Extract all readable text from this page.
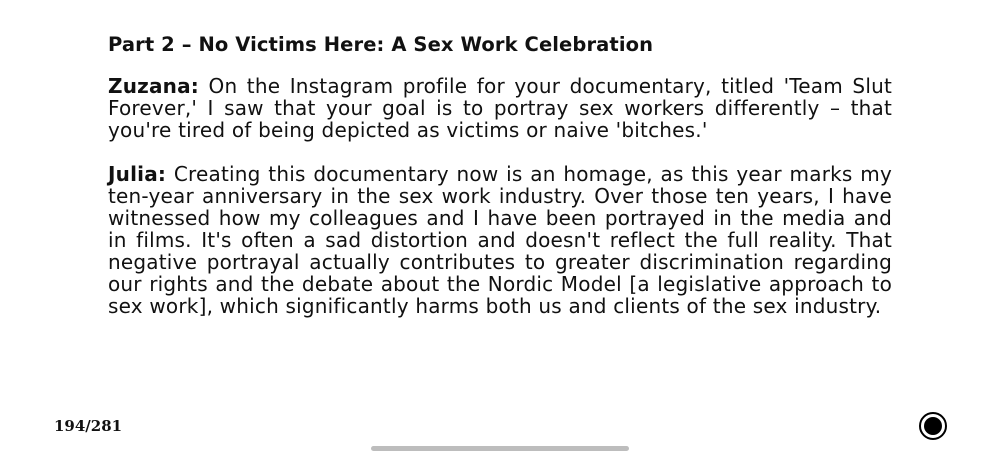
Part 2 – No Victims Here: A Sex Work Celebration

Zuzana: On the Instagram profile for your documentary, titled 'Team Slut Forever,' I saw that your goal is to portray sex workers differently – that you're tired of being depicted as victims or naive 'bitches.'

Julia: Creating this documentary now is an homage, as this year marks my ten-year anniversary in the sex work industry. Over those ten years, I have witnessed how my colleagues and I have been portrayed in the media and in films. It's often a sad distortion and doesn't reflect the full reality. That negative portrayal actually contributes to greater discrimination regarding our rights and the debate about the Nordic Model [a legislative approach to sex work], which significantly harms both us and clients of the sex industry.

194/281
